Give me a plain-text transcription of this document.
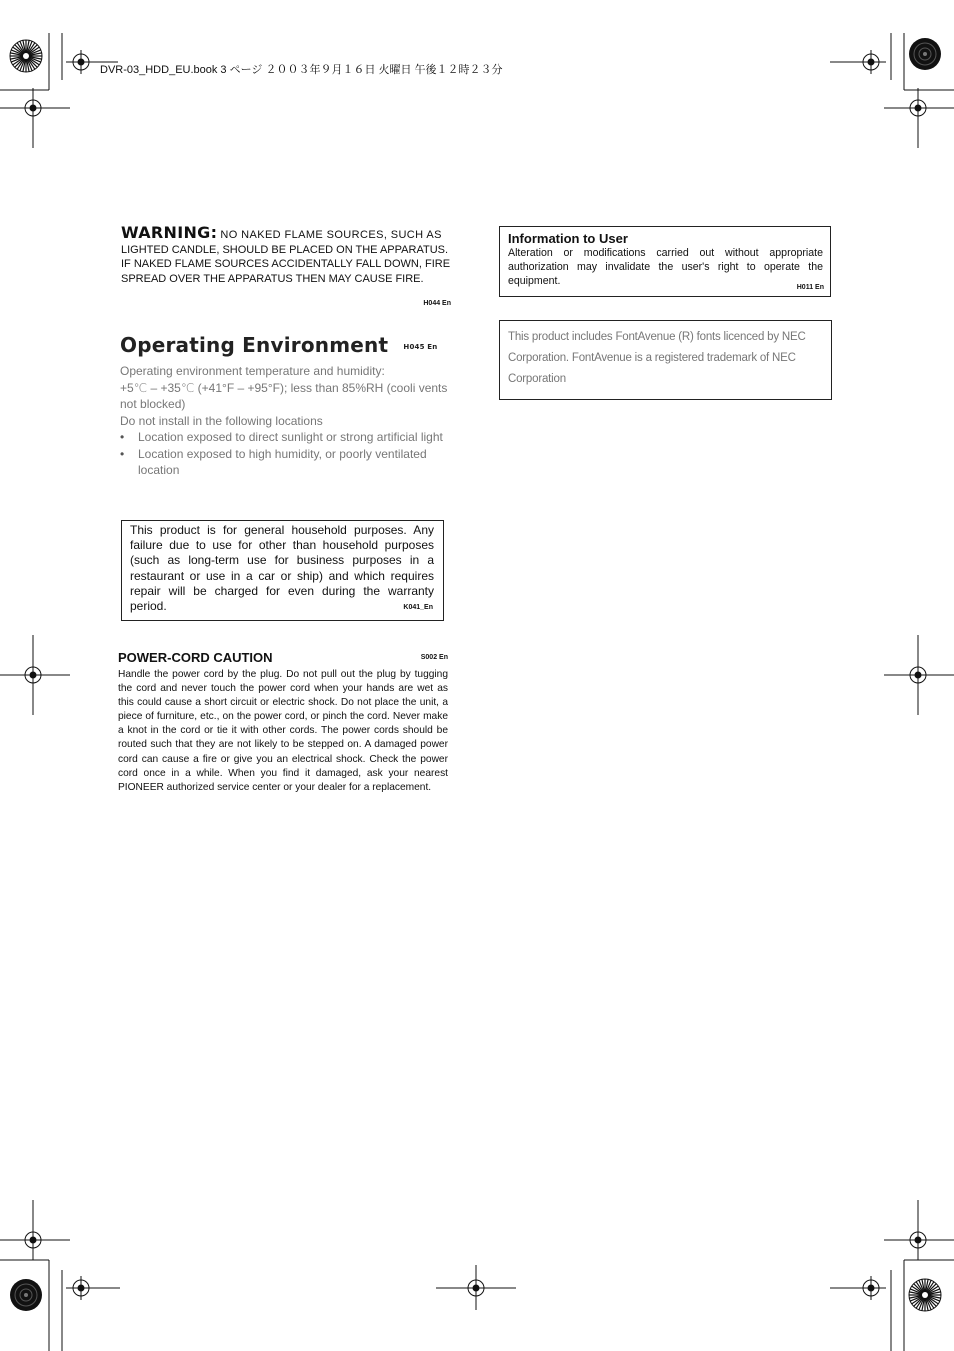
DVR-03_HDD_EU.book 3 ページ ２００３年９月１６日 火曜日 午後１２時２３分
WARNING: NO NAKED FLAME SOURCES, SUCH AS
LIGHTED CANDLE, SHOULD BE PLACED ON THE APPARATUS. IF NAKED FLAME SOURCES ACCIDENTALLY FALL DOWN, FIRE SPREAD OVER THE APPARATUS THEN MAY CAUSE FIRE.
H044 En
Operating Environment H045 En
Operating environment temperature and humidity:
+5℃ – +35℃ (+41°F – +95°F); less than 85%RH (cooli vents not blocked)
Do not install in the following locations
• Location exposed to direct sunlight or strong artificial light
• Location exposed to high humidity, or poorly ventilated location
This product is for general household purposes. Any failure due to use for other than household purposes (such as long-term use for business purposes in a restaurant or use in a car or ship) and which requires repair will be charged for even during the warranty period.	K041_En
POWER-CORD CAUTION	S002 En
Handle the power cord by the plug. Do not pull out the plug by tugging the cord and never touch the power cord when your hands are wet as this could cause a short circuit or electric shock. Do not place the unit, a piece of furniture, etc., on the power cord, or pinch the cord. Never make a knot in the cord or tie it with other cords. The power cords should be routed such that they are not likely to be stepped on. A damaged power cord can cause a fire or give you an electrical shock. Check the power cord once in a while. When you find it damaged, ask your nearest PIONEER authorized service center or your dealer for a replacement.
Information to User
Alteration or modifications carried out without appropriate authorization may invalidate the user's right to operate the equipment.
H011 En
This product includes FontAvenue (R) fonts licenced by NEC Corporation. FontAvenue is a registered trademark of NEC Corporation
